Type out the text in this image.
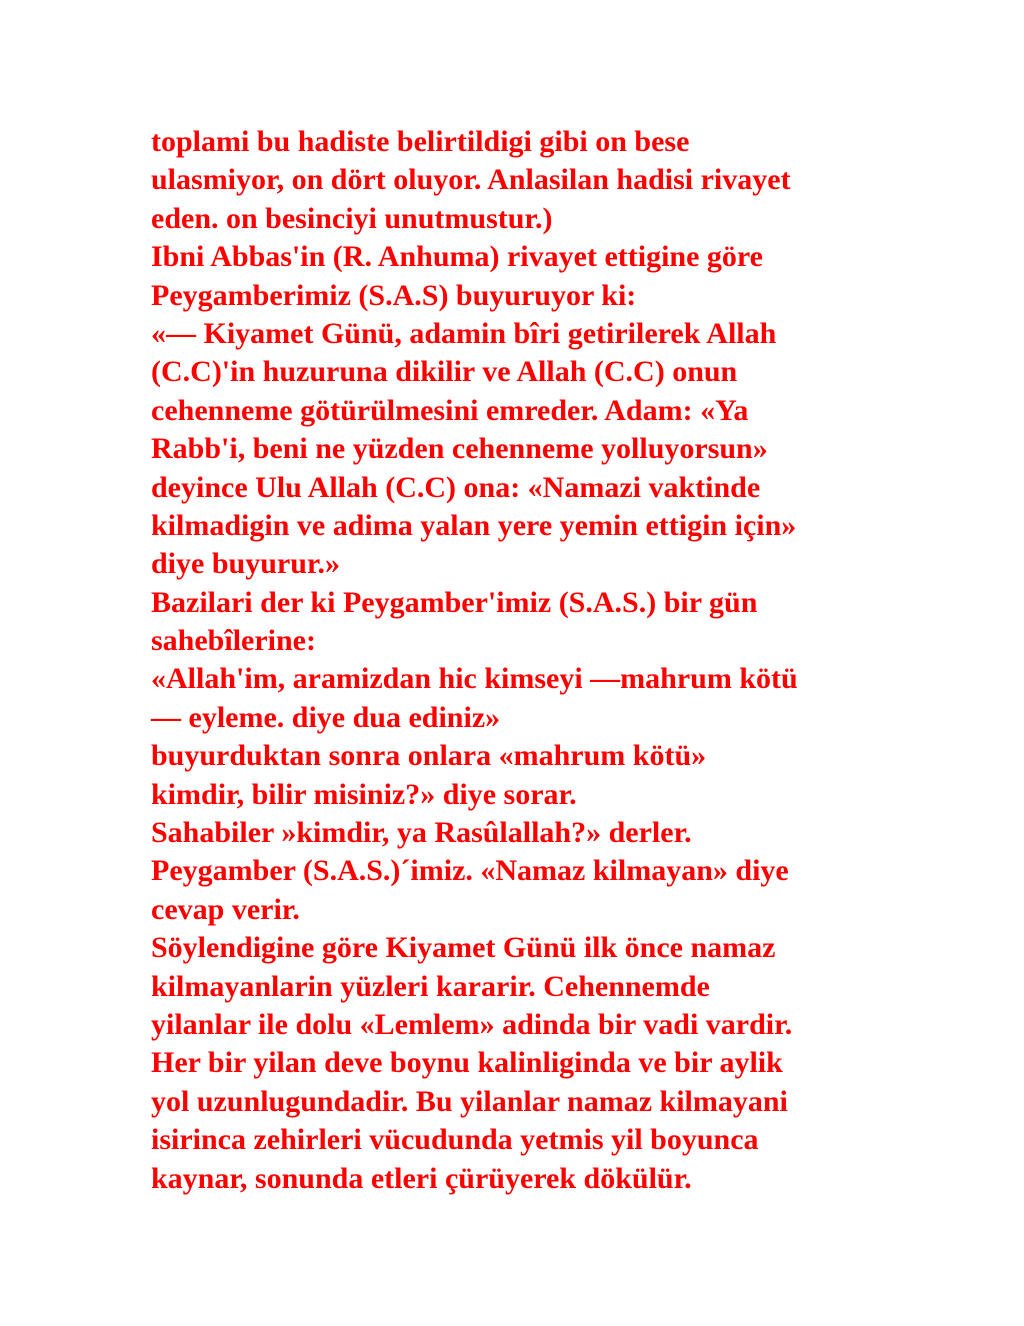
toplami bu hadiste belirtildigi gibi on bese
ulasmiyor, on dört oluyor. Anlasilan hadisi rivayet
eden. on besinciyi unutmustur.)
Ibni Abbas'in (R. Anhuma) rivayet ettigine göre
Peygamberimiz (S.A.S) buyuruyor ki:
«— Kiyamet Günü, adamin bîri getirilerek Allah
(C.C)'in huzuruna dikilir ve Allah (C.C) onun
cehenneme götürülmesini emreder. Adam: «Ya
Rabb'i, beni ne yüzden cehenneme yolluyorsun»
deyince Ulu Allah (C.C) ona: «Namazi vaktinde
kilmadigin ve adima yalan yere yemin ettigin için»
diye buyurur.»
Bazilari der ki Peygamber'imiz (S.A.S.) bir gün
sahebîlerine:
«Allah'im, aramizdan hic kimseyi —mahrum kötü
— eyleme. diye dua ediniz»
buyurduktan sonra onlara «mahrum kötü»
kimdir, bilir misiniz?» diye sorar.
Sahabiler »kimdir, ya Rasûlallah?» derler.
Peygamber (S.A.S.)´imiz. «Namaz kilmayan» diye
cevap verir.
Söylendigine göre Kiyamet Günü ilk önce namaz
kilmayanlarin yüzleri kararir. Cehennemde
yilanlar ile dolu «Lemlem» adinda bir vadi vardir.
Her bir yilan deve boynu kalinliginda ve bir aylik
yol uzunlugundadir. Bu yilanlar namaz kilmayani
isirinca zehirleri vücudunda yetmis yil boyunca
kaynar, sonunda etleri çürüyerek dökülür.
